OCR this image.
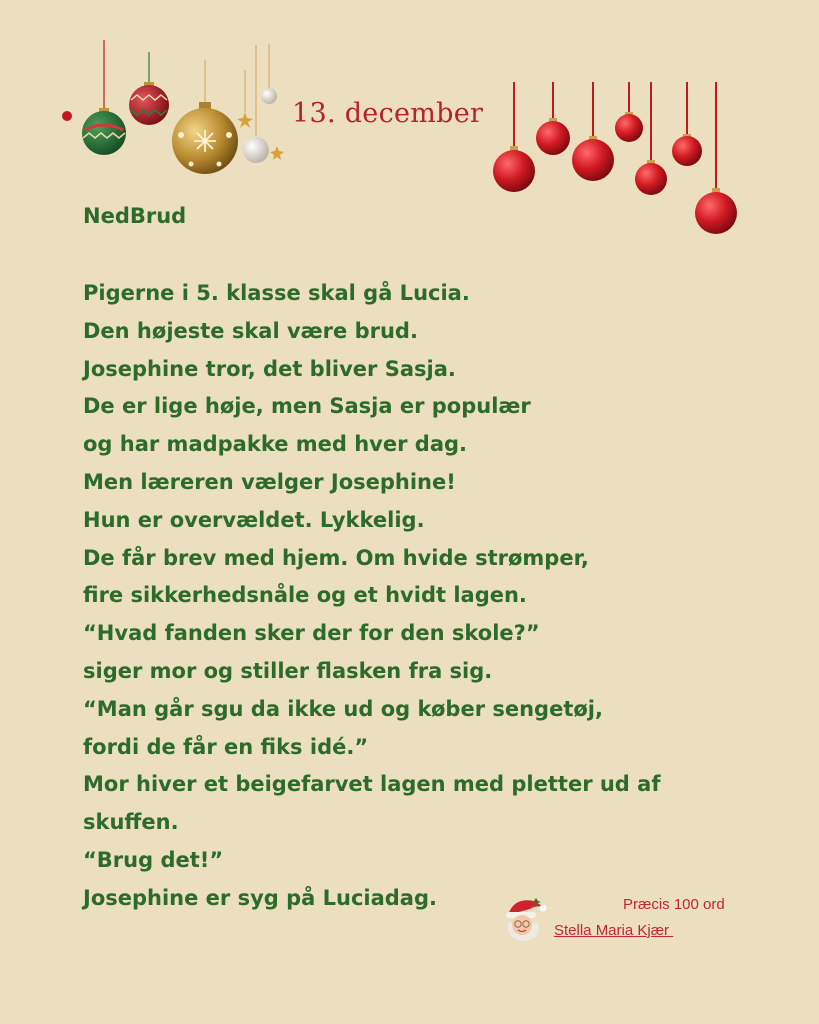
13. december
NedBrud
Pigerne i 5. klasse skal gå Lucia.
Den højeste skal være brud.
Josephine tror, det bliver Sasja.
De er lige høje, men Sasja er populær
og har madpakke med hver dag.
Men læreren vælger Josephine!
Hun er overvældet. Lykkelig.
De får brev med hjem. Om hvide strømper,
fire sikkerhedsnåle og et hvidt lagen.
“Hvad fanden sker der for den skole?”
siger mor og stiller flasken fra sig.
“Man går sgu da ikke ud og køber sengetøj,
fordi de får en fiks idé.”
Mor hiver et beigefarvet lagen med pletter ud af
skuffen.
“Brug det!”
Josephine er syg på Luciadag.	Præcis 100 ord
Stella Maria Kjær
